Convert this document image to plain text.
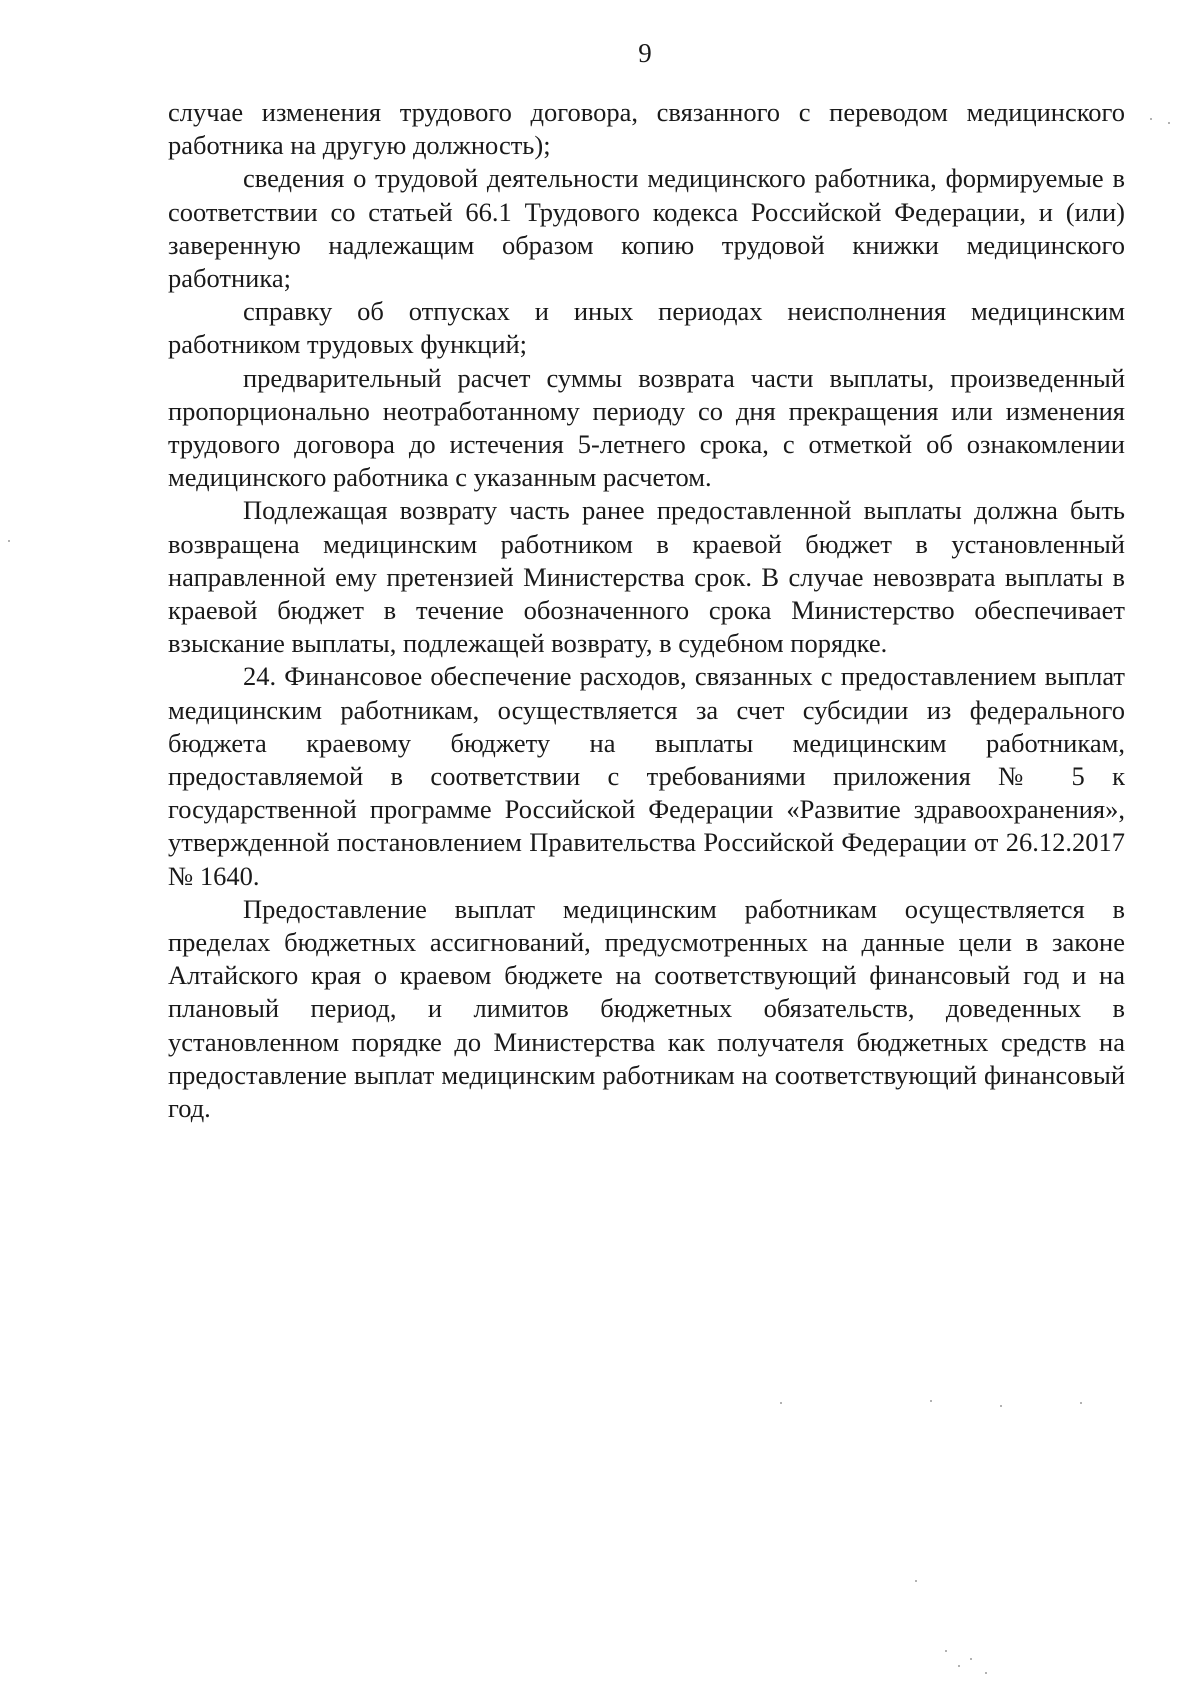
9

случае изменения трудового договора, связанного с переводом медицинского работника на другую должность);

сведения о трудовой деятельности медицинского работника, формируемые в соответствии со статьей 66.1 Трудового кодекса Российской Федерации, и (или) заверенную надлежащим образом копию трудовой книжки медицинского работника;

справку об отпусках и иных периодах неисполнения медицинским работником трудовых функций;

предварительный расчет суммы возврата части выплаты, произведенный пропорционально неотработанному периоду со дня прекращения или изменения трудового договора до истечения 5-летнего срока, с отметкой об ознакомлении медицинского работника с указанным расчетом.

Подлежащая возврату часть ранее предоставленной выплаты должна быть возвращена медицинским работником в краевой бюджет в установленный направленной ему претензией Министерства срок. В случае невозврата выплаты в краевой бюджет в течение обозначенного срока Министерство обеспечивает взыскание выплаты, подлежащей возврату, в судебном порядке.

24. Финансовое обеспечение расходов, связанных с предоставлением выплат медицинским работникам, осуществляется за счет субсидии из федерального бюджета краевому бюджету на выплаты медицинским работникам, предоставляемой в соответствии с требованиями приложения № 5 к государственной программе Российской Федерации «Развитие здравоохранения», утвержденной постановлением Правительства Российской Федерации от 26.12.2017 № 1640.

Предоставление выплат медицинским работникам осуществляется в пределах бюджетных ассигнований, предусмотренных на данные цели в законе Алтайского края о краевом бюджете на соответствующий финансовый год и на плановый период, и лимитов бюджетных обязательств, доведенных в установленном порядке до Министерства как получателя бюджетных средств на предоставление выплат медицинским работникам на соответствующий финансовый год.
